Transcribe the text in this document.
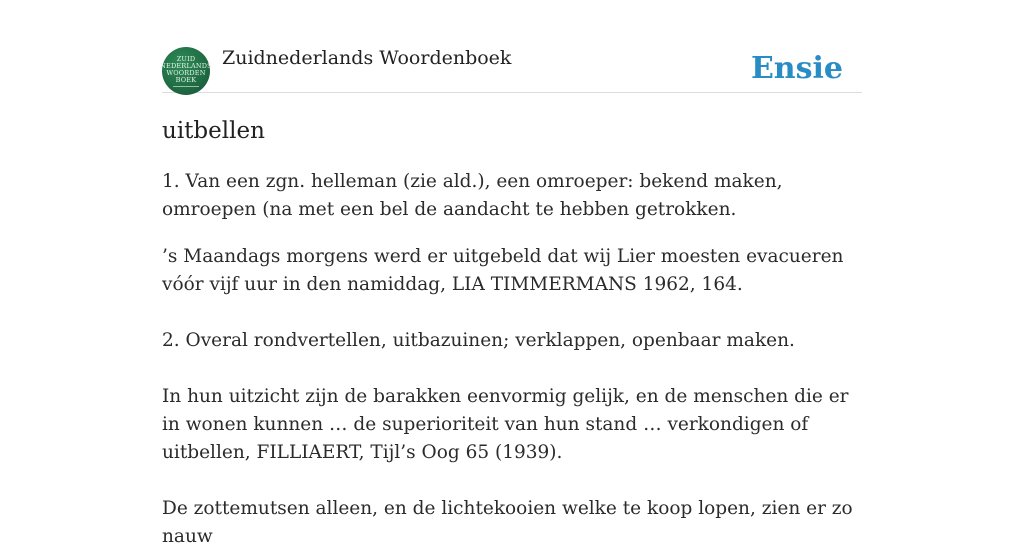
ZUID
NEDERLANDS
WOORDEN
BOEK
Zuidnederlands Woordenboek	Ensie
uitbellen

1. Van een zgn. helleman (zie ald.), een omroeper: bekend maken, omroepen (na met een bel de aandacht te hebben getrokken.

’s Maandags morgens werd er uitgebeld dat wij Lier moesten evacueren vóór vijf uur in den namiddag, LIA TIMMERMANS 1962, 164.

2. Overal rondvertellen, uitbazuinen; verklappen, openbaar maken.

In hun uitzicht zijn de barakken eenvormig gelijk, en de menschen die er in wonen kunnen … de superioriteit van hun stand … verkondigen of uitbellen, FILLIAERT, Tijl’s Oog 65 (1939).

De zottemutsen alleen, en de lichtekooien welke te koop lopen, zien er zo nauw
